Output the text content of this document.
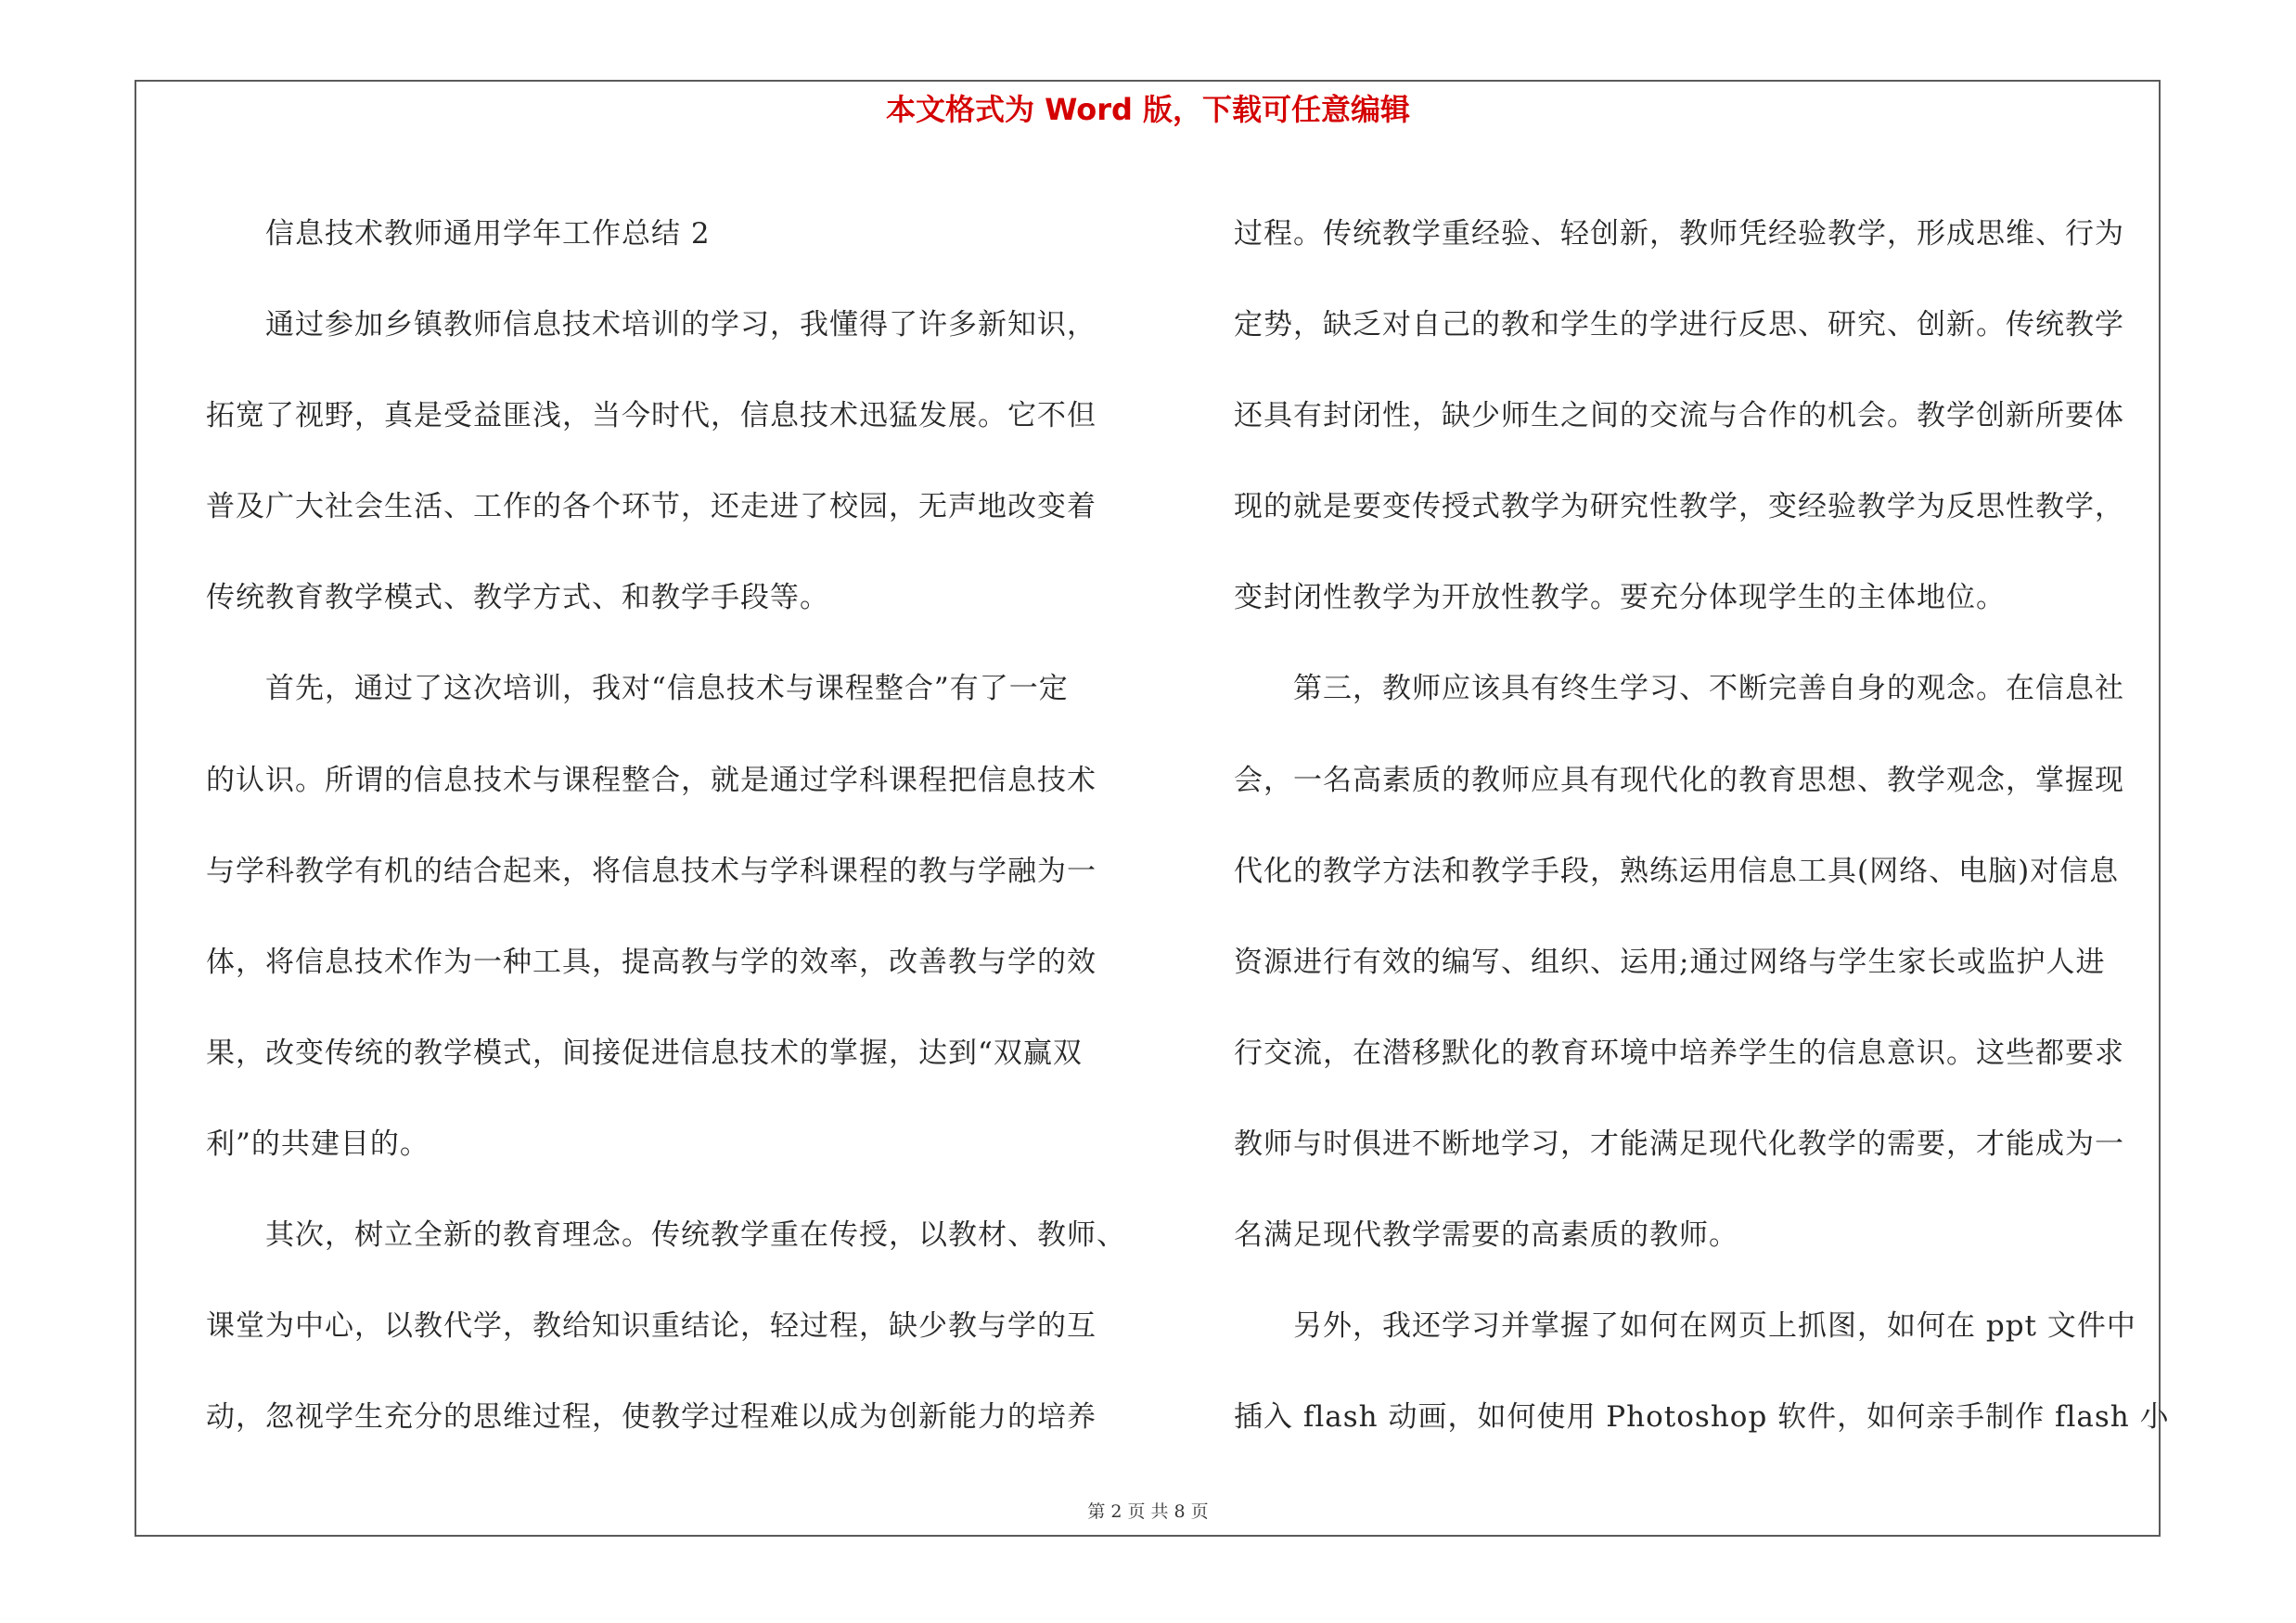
本文格式为 Word 版，下载可任意编辑

　　信息技术教师通用学年工作总结 2

　　通过参加乡镇教师信息技术培训的学习，我懂得了许多新知识，

拓宽了视野，真是受益匪浅，当今时代，信息技术迅猛发展。它不但

普及广大社会生活、工作的各个环节，还走进了校园，无声地改变着

传统教育教学模式、教学方式、和教学手段等。

　　首先，通过了这次培训，我对“信息技术与课程整合”有了一定

的认识。所谓的信息技术与课程整合，就是通过学科课程把信息技术

与学科教学有机的结合起来，将信息技术与学科课程的教与学融为一

体，将信息技术作为一种工具，提高教与学的效率，改善教与学的效

果，改变传统的教学模式，间接促进信息技术的掌握，达到“双赢双

利”的共建目的。

　　其次，树立全新的教育理念。传统教学重在传授，以教材、教师、

课堂为中心，以教代学，教给知识重结论，轻过程，缺少教与学的互

动，忽视学生充分的思维过程，使教学过程难以成为创新能力的培养

过程。传统教学重经验、轻创新，教师凭经验教学，形成思维、行为

定势，缺乏对自己的教和学生的学进行反思、研究、创新。传统教学

还具有封闭性，缺少师生之间的交流与合作的机会。教学创新所要体

现的就是要变传授式教学为研究性教学，变经验教学为反思性教学，

变封闭性教学为开放性教学。要充分体现学生的主体地位。

　　第三，教师应该具有终生学习、不断完善自身的观念。在信息社

会，一名高素质的教师应具有现代化的教育思想、教学观念，掌握现

代化的教学方法和教学手段，熟练运用信息工具(网络、电脑)对信息

资源进行有效的编写、组织、运用;通过网络与学生家长或监护人进

行交流，在潜移默化的教育环境中培养学生的信息意识。这些都要求

教师与时俱进不断地学习，才能满足现代化教学的需要，才能成为一

名满足现代教学需要的高素质的教师。

　　另外，我还学习并掌握了如何在网页上抓图，如何在 ppt 文件中

插入 flash 动画，如何使用 Photoshop 软件，如何亲手制作 flash 小

第 2 页 共 8 页
